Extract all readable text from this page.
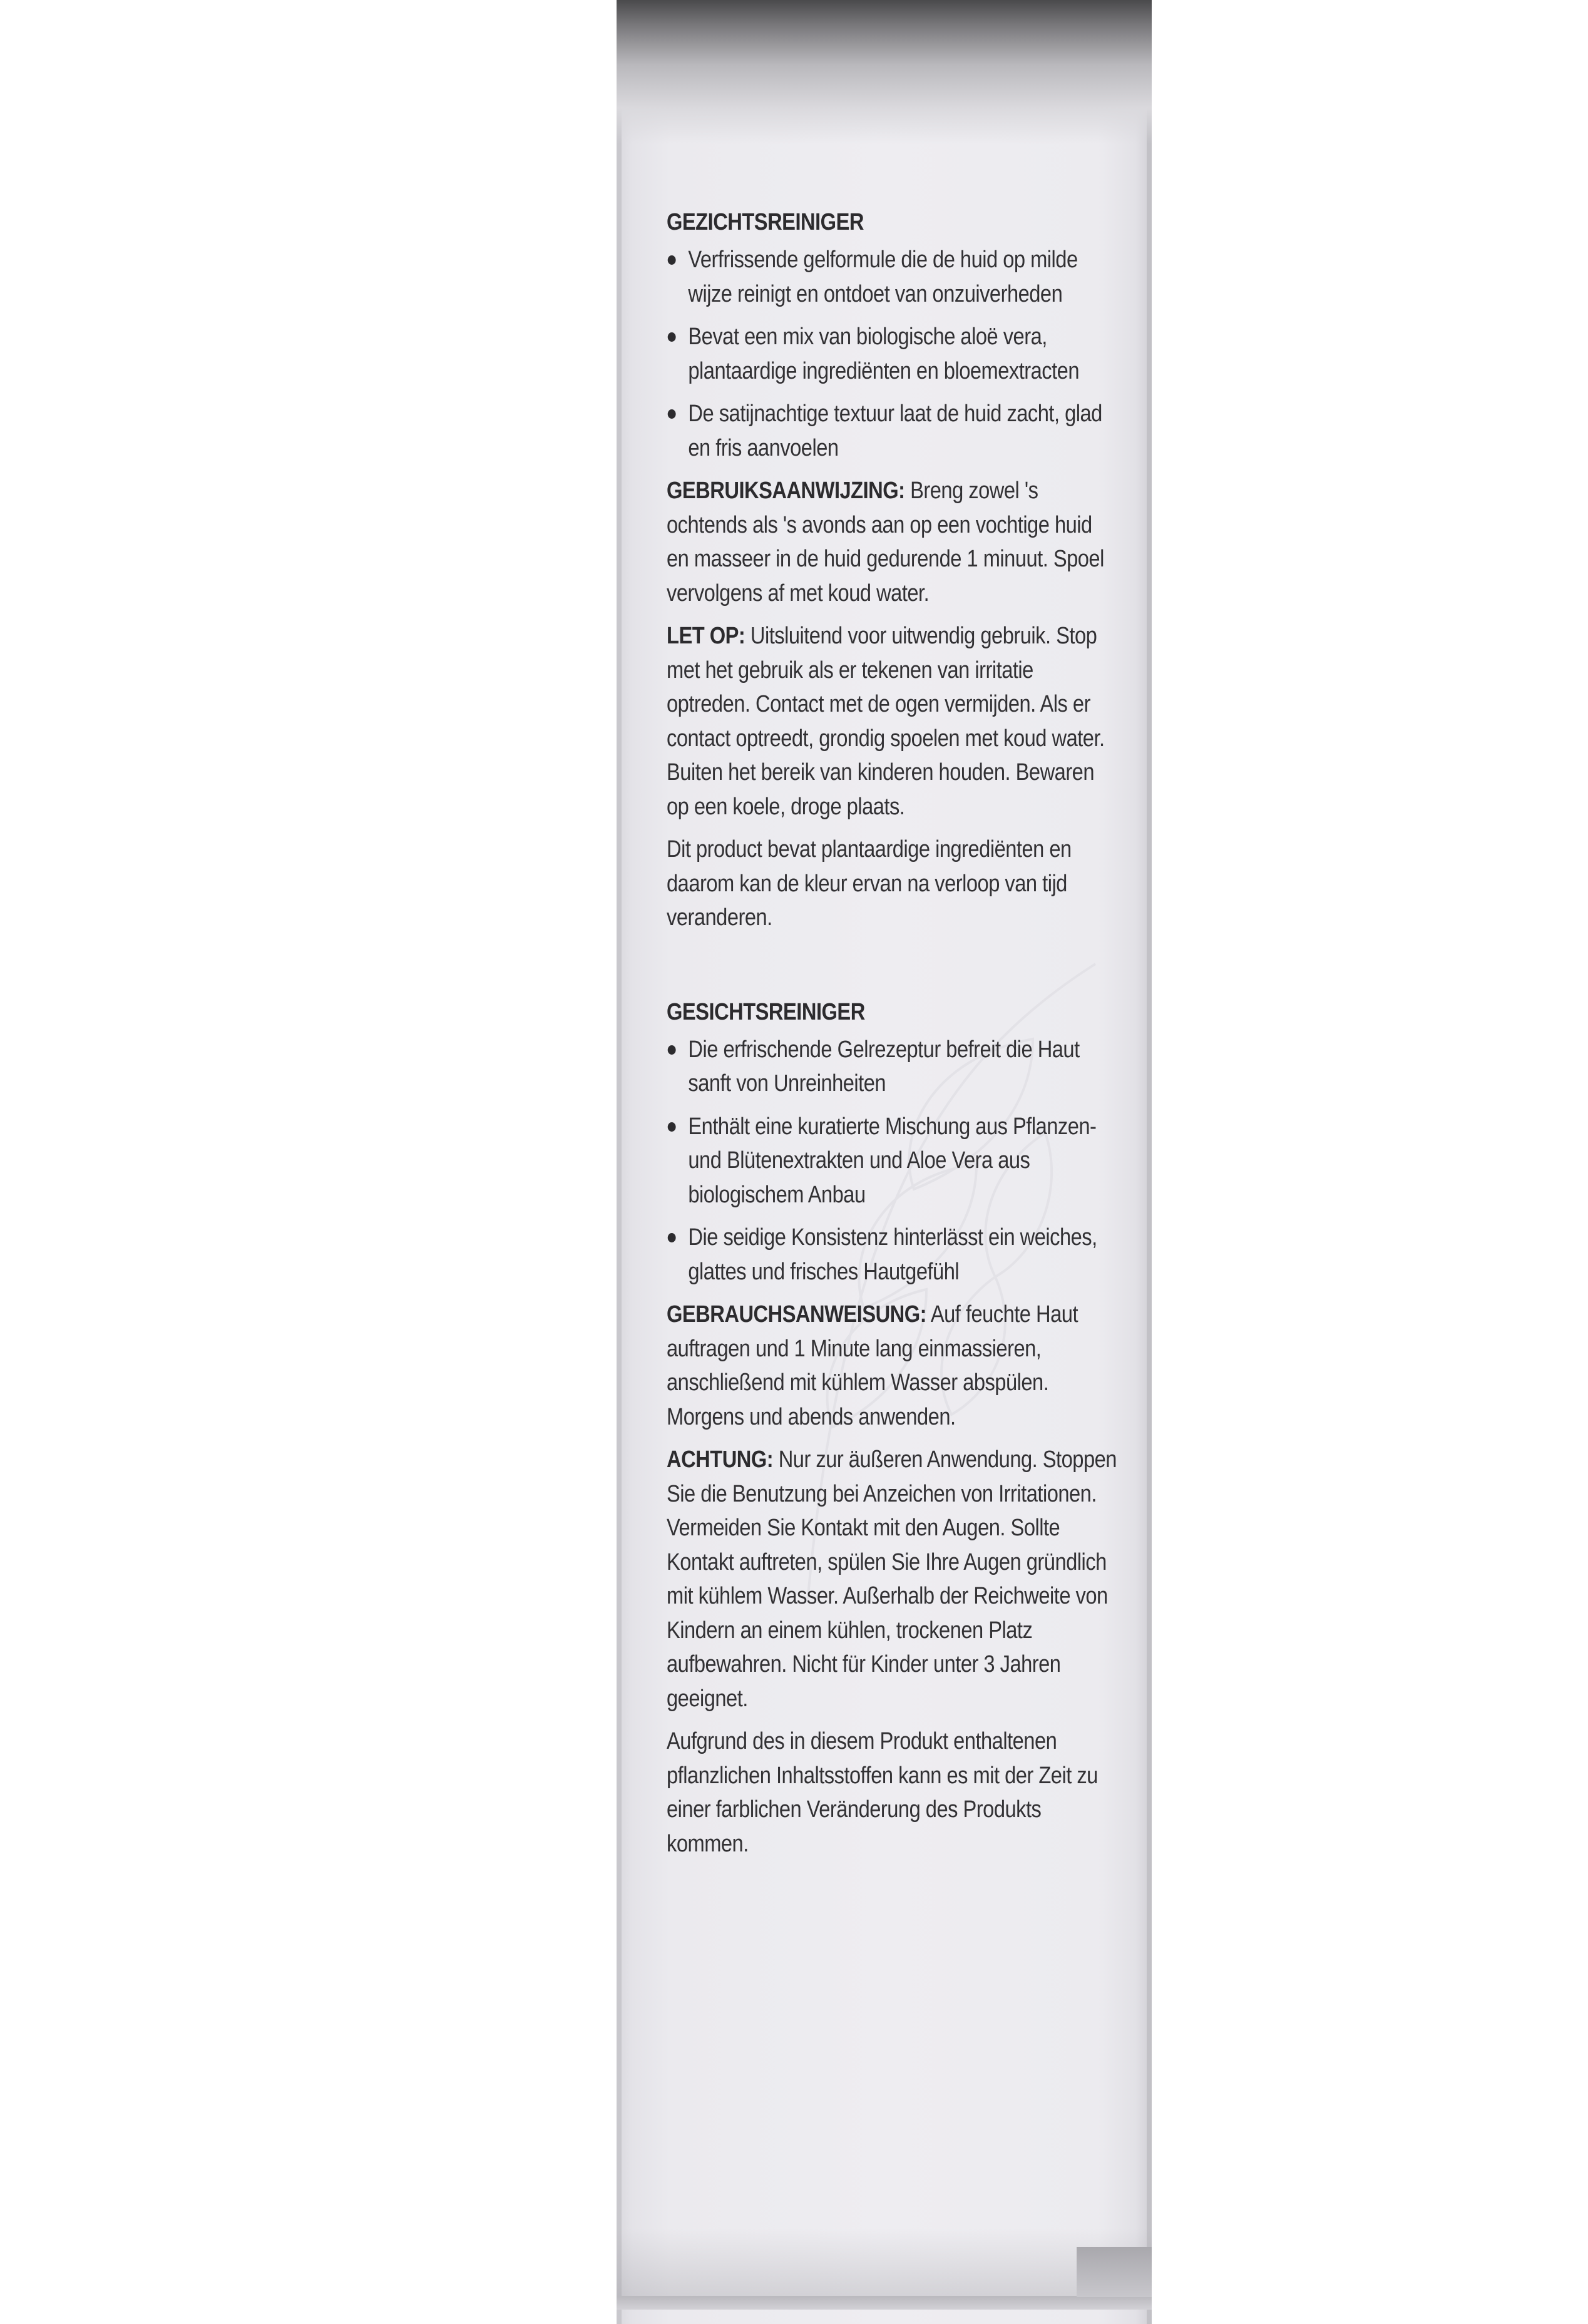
GEZICHTSREINIGER
Verfrissende gelformule die de huid op milde wijze reinigt en ontdoet van onzuiverheden
Bevat een mix van biologische aloë vera, plantaardige ingrediënten en bloemextracten
De satijnachtige textuur laat de huid zacht, glad en fris aanvoelen

GEBRUIKSAANWIJZING: Breng zowel 's ochtends als 's avonds aan op een vochtige huid en masseer in de huid gedurende 1 minuut. Spoel vervolgens af met koud water.

LET OP: Uitsluitend voor uitwendig gebruik. Stop met het gebruik als er tekenen van irritatie optreden. Contact met de ogen vermijden. Als er contact optreedt, grondig spoelen met koud water. Buiten het bereik van kinderen houden. Bewaren op een koele, droge plaats.

Dit product bevat plantaardige ingrediënten en daarom kan de kleur ervan na verloop van tijd veranderen.

GESICHTSREINIGER
Die erfrischende Gelrezeptur befreit die Haut sanft von Unreinheiten
Enthält eine kuratierte Mischung aus Pflanzen- und Blütenextrakten und Aloe Vera aus biologischem Anbau
Die seidige Konsistenz hinterlässt ein weiches, glattes und frisches Hautgefühl

GEBRAUCHSANWEISUNG: Auf feuchte Haut auftragen und 1 Minute lang einmassieren, anschließend mit kühlem Wasser abspülen. Morgens und abends anwenden.

ACHTUNG: Nur zur äußeren Anwendung. Stoppen Sie die Benutzung bei Anzeichen von Irritationen. Vermeiden Sie Kontakt mit den Augen. Sollte Kontakt auftreten, spülen Sie Ihre Augen gründlich mit kühlem Wasser. Außerhalb der Reichweite von Kindern an einem kühlen, trockenen Platz aufbewahren. Nicht für Kinder unter 3 Jahren geeignet.

Aufgrund des in diesem Produkt enthaltenen pflanzlichen Inhaltsstoffen kann es mit der Zeit zu einer farblichen Veränderung des Produkts kommen.
